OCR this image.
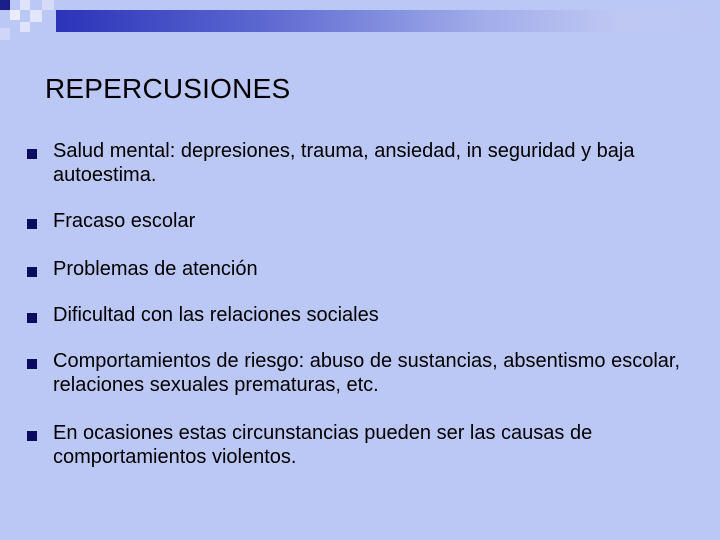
REPERCUSIONES
Salud mental: depresiones, trauma, ansiedad, in seguridad y baja autoestima.
Fracaso escolar
Problemas de atención
Dificultad con las relaciones sociales
Comportamientos de riesgo: abuso de sustancias, absentismo escolar, relaciones sexuales prematuras, etc.
En ocasiones estas circunstancias pueden ser las causas de comportamientos violentos.
